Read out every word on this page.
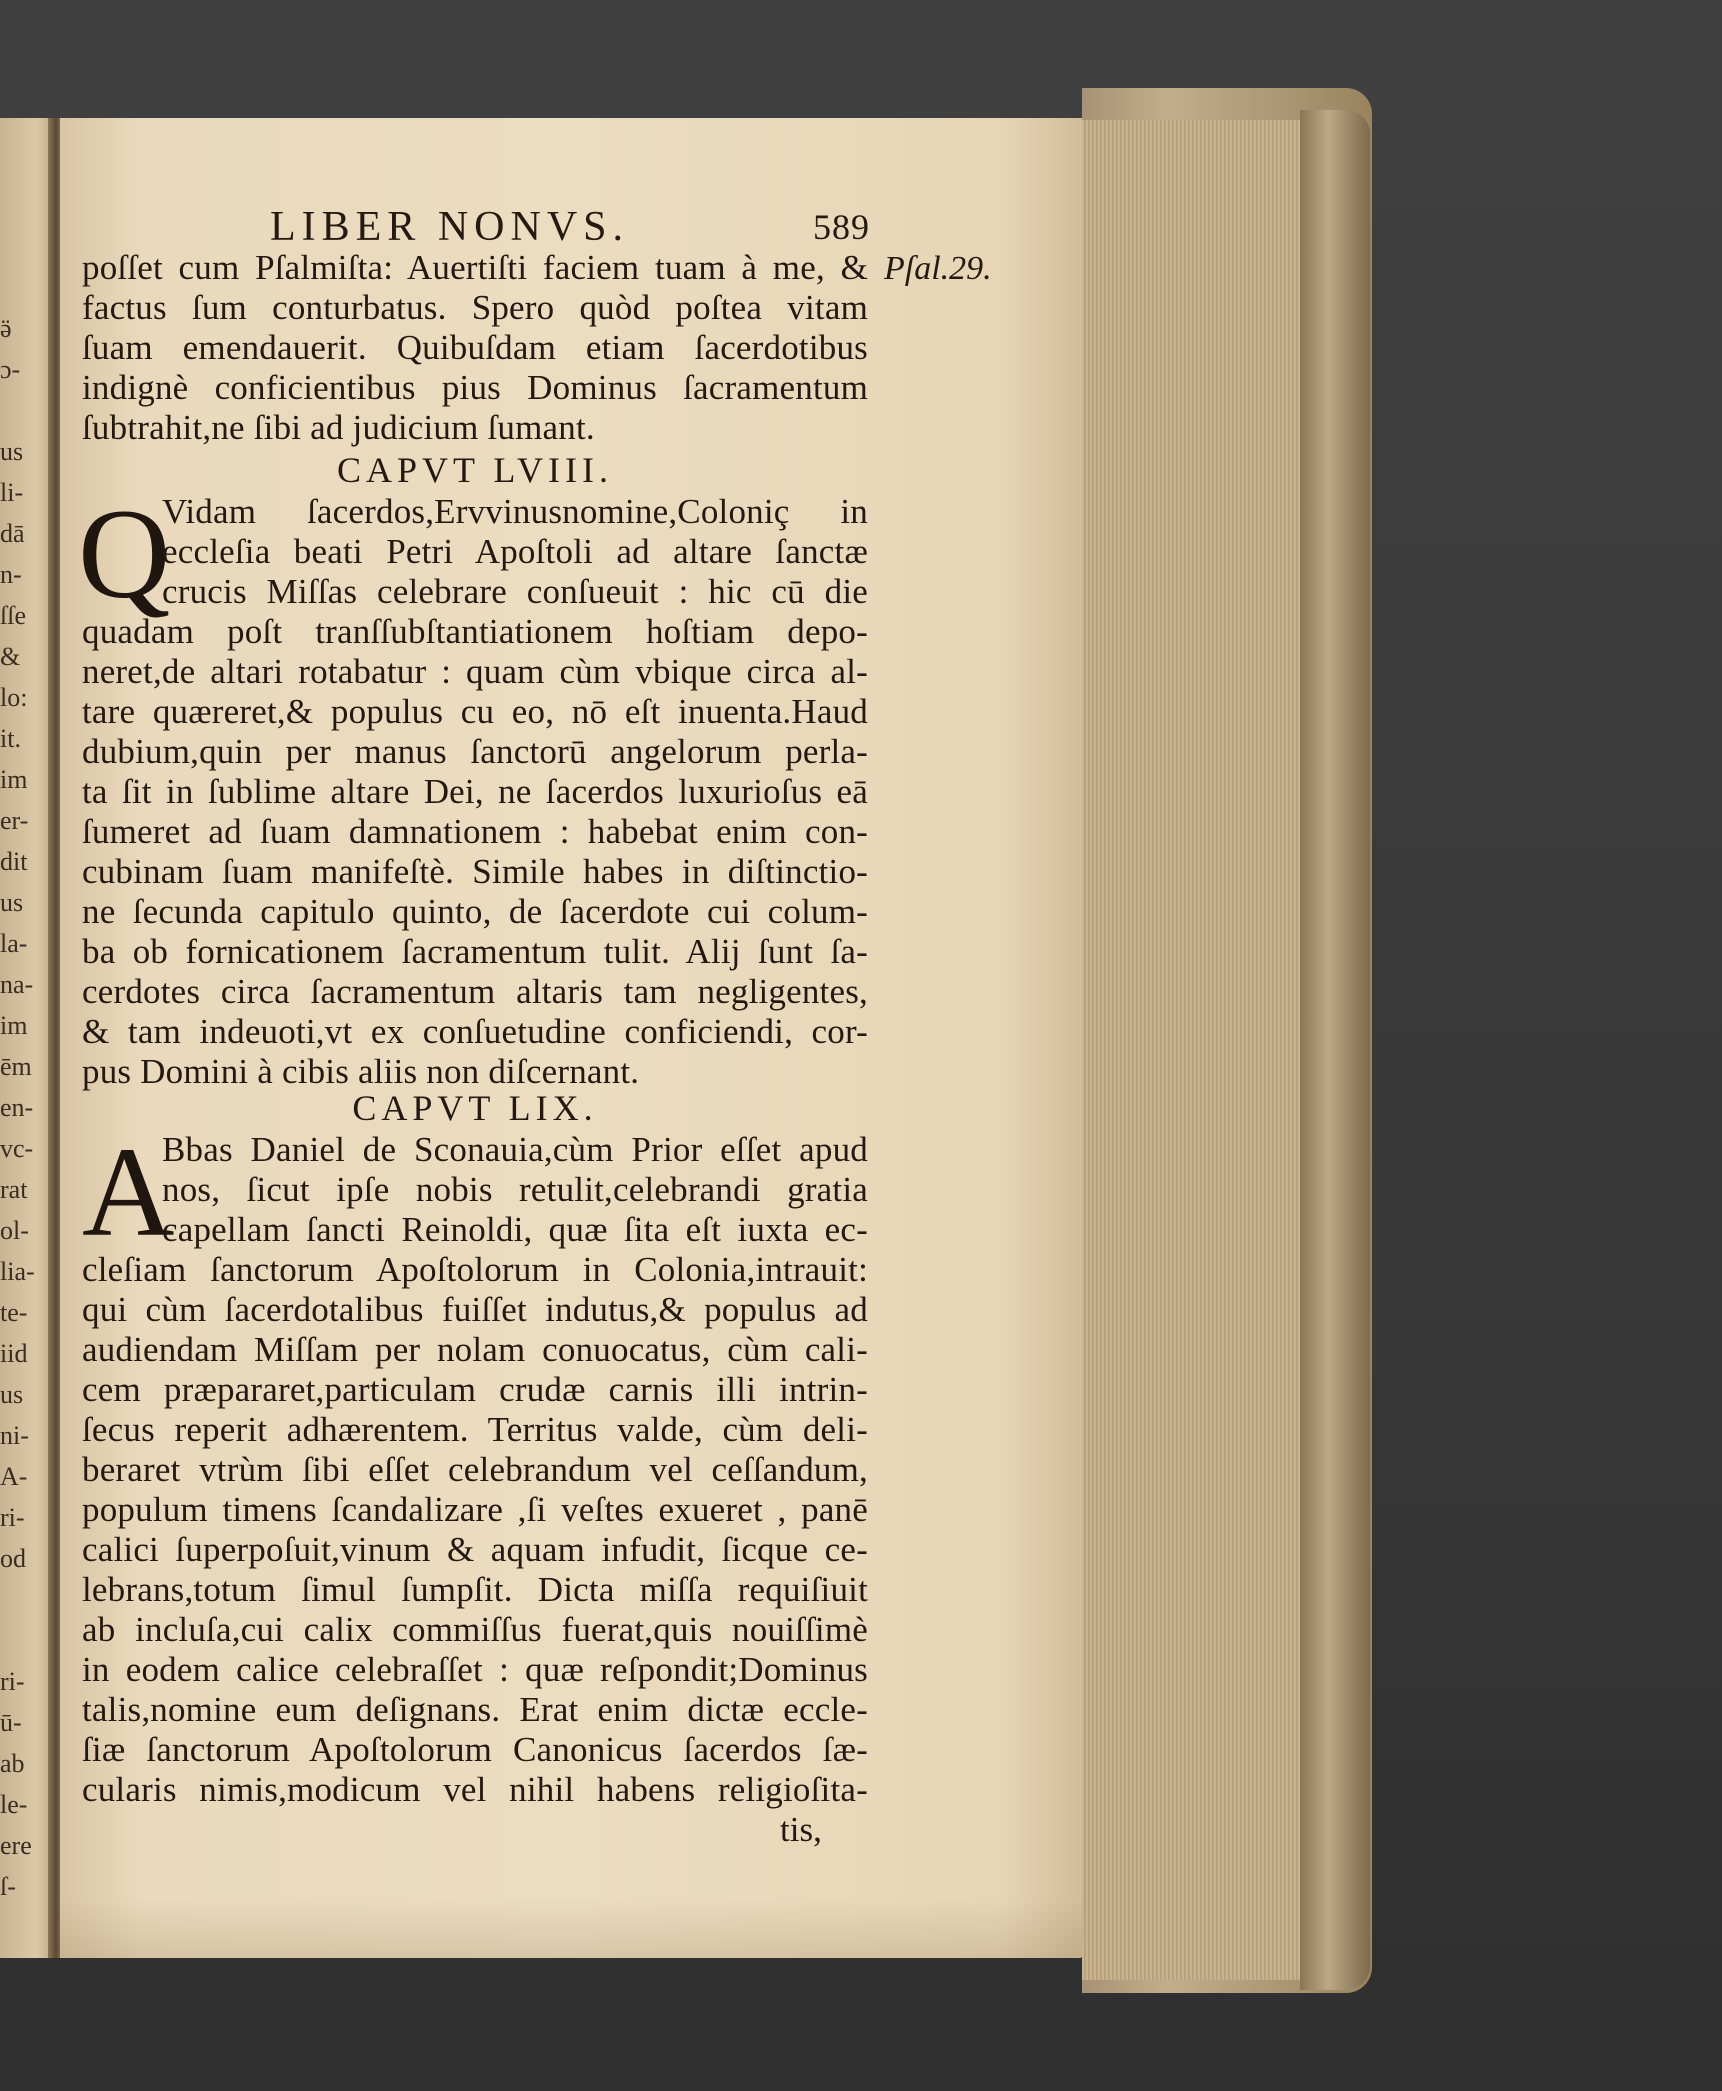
ӛ
ɔ-
us
li-
dā
n-
ſſe
&
lo:
it.
im
er-
dit
us
la-
na-
im
ēm
en-
vc-
rat
ol-
lia-
te-
iid
us
ni-
A-
ri-
od
ri-
ū-
ab
le-
ere
ſ-
LIBER NONVS.	589
Pſal.29.
poſſet cum Pſalmiſta: Auertiſti faciem tuam à me, &
factus ſum conturbatus. Spero quòd poſtea vitam
ſuam emendauerit. Quibuſdam etiam ſacerdotibus
indignè conficientibus pius Dominus ſacramentum
ſubtrahit,ne ſibi ad judicium ſumant.
CAPVT LVIII.
Q
Vidam ſacerdos,Ervvinusnomine,Coloniç in
eccleſia beati Petri Apoſtoli ad altare ſanctæ
crucis Miſſas celebrare conſueuit : hic cū die
quadam poſt tranſſubſtantiationem hoſtiam depo-
neret,de altari rotabatur : quam cùm vbique circa al-
tare quæreret,& populus cu eo, nō eſt inuenta.Haud
dubium,quin per manus ſanctorū angelorum perla-
ta ſit in ſublime altare Dei, ne ſacerdos luxurioſus eā
ſumeret ad ſuam damnationem : habebat enim con-
cubinam ſuam manifeſtè. Simile habes in diſtinctio-
ne ſecunda capitulo quinto, de ſacerdote cui colum-
ba ob fornicationem ſacramentum tulit. Alij ſunt ſa-
cerdotes circa ſacramentum altaris tam negligentes,
& tam indeuoti,vt ex conſuetudine conficiendi, cor-
pus Domini à cibis aliis non diſcernant.
CAPVT LIX.
A
Bbas Daniel de Sconauia,cùm Prior eſſet apud
nos, ſicut ipſe nobis retulit,celebrandi gratia
capellam ſancti Reinoldi, quæ ſita eſt iuxta ec-
cleſiam ſanctorum Apoſtolorum in Colonia,intrauit:
qui cùm ſacerdotalibus fuiſſet indutus,& populus ad
audiendam Miſſam per nolam conuocatus, cùm cali-
cem præpararet,particulam crudæ carnis illi intrin-
ſecus reperit adhærentem. Territus valde, cùm deli-
beraret vtrùm ſibi eſſet celebrandum vel ceſſandum,
populum timens ſcandalizare ,ſi veſtes exueret , panē
calici ſuperpoſuit,vinum & aquam infudit, ſicque ce-
lebrans,totum ſimul ſumpſit. Dicta miſſa requiſiuit
ab incluſa,cui calix commiſſus fuerat,quis nouiſſimè
in eodem calice celebraſſet : quæ reſpondit;Dominus
talis,nomine eum deſignans. Erat enim dictæ eccle-
ſiæ ſanctorum Apoſtolorum Canonicus ſacerdos ſæ-
cularis nimis,modicum vel nihil habens religioſita-
tis,
